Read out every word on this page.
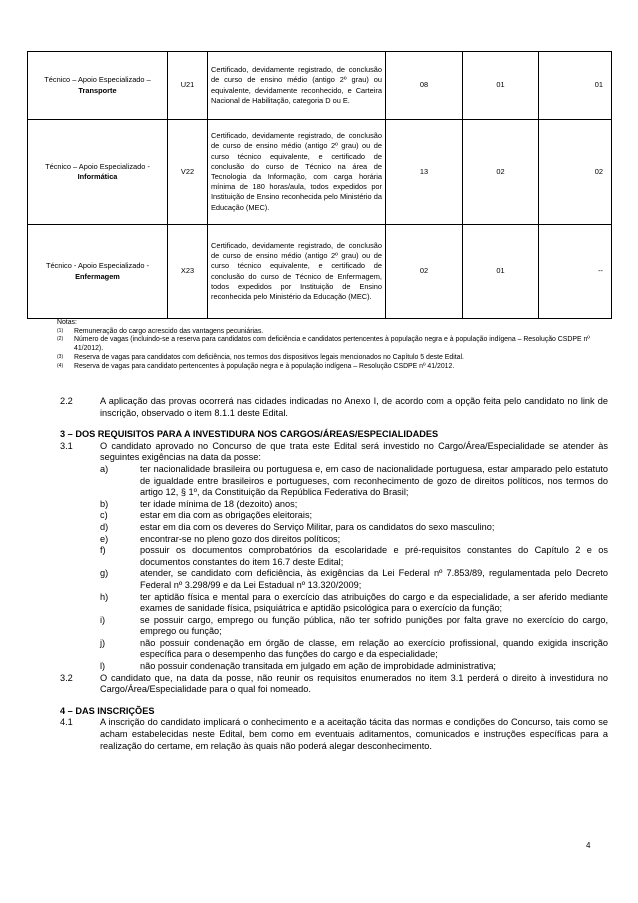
Técnico – Apoio Especializado –
Transporte	U21	Certificado, devidamente registrado, de conclusão de curso de ensino médio (antigo 2º grau) ou equivalente, devidamente reconhecido, e Carteira Nacional de Habilitação, categoria D ou E.	08	01	01
Técnico – Apoio Especializado -
Informática	V22	Certificado, devidamente registrado, de conclusão de curso de ensino médio (antigo 2º grau) ou de curso técnico equivalente, e certificado de conclusão do curso de Técnico na área de Tecnologia da Informação, com carga horária mínima de 180 horas/aula, todos expedidos por Instituição de Ensino reconhecida pelo Ministério da Educação (MEC).	13	02	02
Técnico - Apoio Especializado -
Enfermagem	X23	Certificado, devidamente registrado, de conclusão de curso de ensino médio (antigo 2º grau) ou de curso técnico equivalente, e certificado de conclusão do curso de Técnico de Enfermagem, todos expedidos por Instituição de Ensino reconhecida pelo Ministério da Educação (MEC).	02	01	--
Notas:
(1)	Remuneração do cargo acrescido das vantagens pecuniárias.
(2)	Número de vagas (incluindo-se a reserva para candidatos com deficiência e candidatos pertencentes à população negra e à população indígena – Resolução CSDPE nº 41/2012).
(3)	Reserva de vagas para candidatos com deficiência, nos termos dos dispositivos legais mencionados no Capítulo 5 deste Edital.
(4)	Reserva de vagas para candidato pertencentes à população negra e à população indígena – Resolução CSDPE nº 41/2012.
2.2	A aplicação das provas ocorrerá nas cidades indicadas no Anexo I, de acordo com a opção feita pelo candidato no link de inscrição, observado o item 8.1.1 deste Edital.
3 – DOS REQUISITOS PARA A INVESTIDURA NOS CARGOS/ÁREAS/ESPECIALIDADES
3.1	O candidato aprovado no Concurso de que trata este Edital será investido no Cargo/Área/Especialidade se atender às seguintes exigências na data da posse:
a)	ter nacionalidade brasileira ou portuguesa e, em caso de nacionalidade portuguesa, estar amparado pelo estatuto de igualdade entre brasileiros e portugueses, com reconhecimento de gozo de direitos políticos, nos termos do artigo 12, § 1º, da Constituição da República Federativa do Brasil;
b)	ter idade mínima de 18 (dezoito) anos;
c)	estar em dia com as obrigações eleitorais;
d)	estar em dia com os deveres do Serviço Militar, para os candidatos do sexo masculino;
e)	encontrar-se no pleno gozo dos direitos políticos;
f)	possuir os documentos comprobatórios da escolaridade e pré-requisitos constantes do Capítulo 2 e os documentos constantes do item 16.7 deste Edital;
g)	atender, se candidato com deficiência, às exigências da Lei Federal nº 7.853/89, regulamentada pelo Decreto Federal nº 3.298/99 e da Lei Estadual nº 13.320/2009;
h)	ter aptidão física e mental para o exercício das atribuições do cargo e da especialidade, a ser aferido mediante exames de sanidade física, psiquiátrica e aptidão psicológica para o exercício da função;
i)	se possuir cargo, emprego ou função pública, não ter sofrido punições por falta grave no exercício do cargo, emprego ou função;
j)	não possuir condenação em órgão de classe, em relação ao exercício profissional, quando exigida inscrição específica para o desempenho das funções do cargo e da especialidade;
l)	não possuir condenação transitada em julgado em ação de improbidade administrativa;
3.2	O candidato que, na data da posse, não reunir os requisitos enumerados no item 3.1 perderá o direito à investidura no Cargo/Área/Especialidade para o qual foi nomeado.
4 – DAS INSCRIÇÕES
4.1	A inscrição do candidato implicará o conhecimento e a aceitação tácita das normas e condições do Concurso, tais como se acham estabelecidas neste Edital, bem como em eventuais aditamentos, comunicados e instruções específicas para a realização do certame, em relação às quais não poderá alegar desconhecimento.
4
